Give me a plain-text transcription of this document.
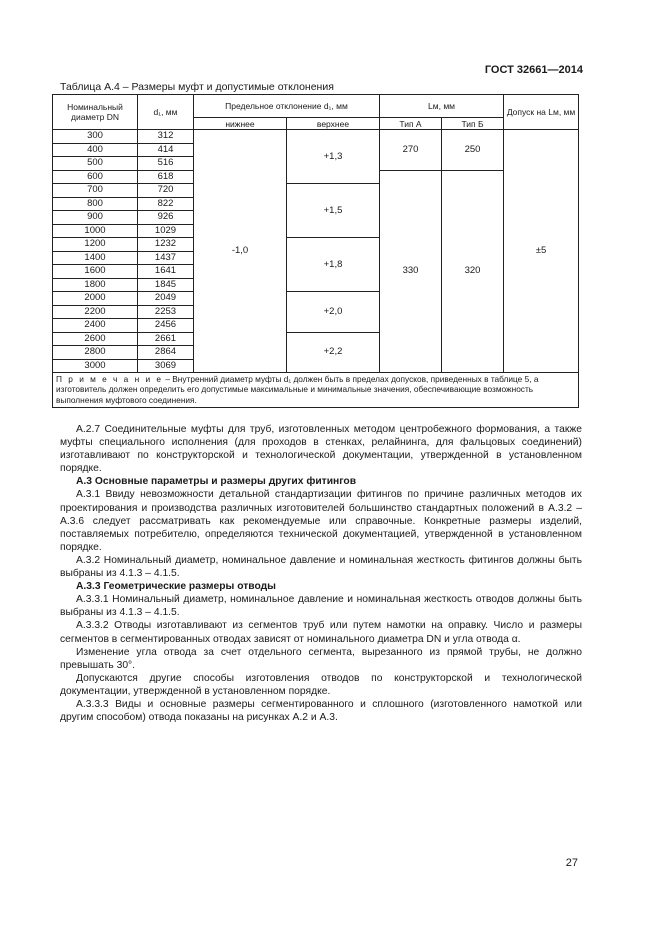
ГОСТ 32661—2014
Таблица А.4 – Размеры муфт и допустимые отклонения
Номинальный диаметр DN	d₁, мм	Предельное отклонение d₁, мм		Lм, мм		Допуск на Lм, мм
		нижнее	верхнее	Тип А	Тип Б	
300	312	-1,0	+1,3	270	250	±5
400	414					
500	516					
600	618			330	320	
700	720		+1,5			
800	822					
900	926					
1000	1029					
1200	1232		+1,8			
1400	1437					
1600	1641					
1800	1845					
2000	2049		+2,0			
2200	2253					
2400	2456					
2600	2661		+2,2			
2800	2864					
3000	3069					
П р и м е ч а н и е – Внутренний диаметр муфты d₁ должен быть в пределах допусков, приведенных в таблице 5, а изготовитель должен определить его допустимые максимальные и минимальные значения, обеспечивающие возможность выполнения муфтового соединения.						

А.2.7 Соединительные муфты для труб, изготовленных методом центробежного формования, а также муфты специального исполнения (для проходов в стенках, релайнинга, для фальцовых соединений) изготавливают по конструкторской и технологической документации, утвержденной в установленном порядке.

А.3 Основные параметры и размеры других фитингов

А.3.1 Ввиду невозможности детальной стандартизации фитингов по причине различных методов их проектирования и производства различных изготовителей большинство стандартных положений в А.3.2 – А.3.6 следует рассматривать как рекомендуемые или справочные. Конкретные размеры изделий, поставляемых потребителю, определяются технической документацией, утвержденной в установленном порядке.

А.3.2 Номинальный диаметр, номинальное давление и номинальная жесткость фитингов должны быть выбраны из 4.1.3 – 4.1.5.

А.3.3 Геометрические размеры отводы

А.3.3.1 Номинальный диаметр, номинальное давление и номинальная жесткость отводов должны быть выбраны из 4.1.3 – 4.1.5.

А.3.3.2 Отводы изготавливают из сегментов труб или путем намотки на оправку. Число и размеры сегментов в сегментированных отводах зависят от номинального диаметра DN и угла отвода α.

Изменение угла отвода за счет отдельного сегмента, вырезанного из прямой трубы, не должно превышать 30°.

Допускаются другие способы изготовления отводов по конструкторской и технологической документации, утвержденной в установленном порядке.

А.3.3.3 Виды и основные размеры сегментированного и сплошного (изготовленного намоткой или другим способом) отвода показаны на рисунках А.2 и А.3.

27
